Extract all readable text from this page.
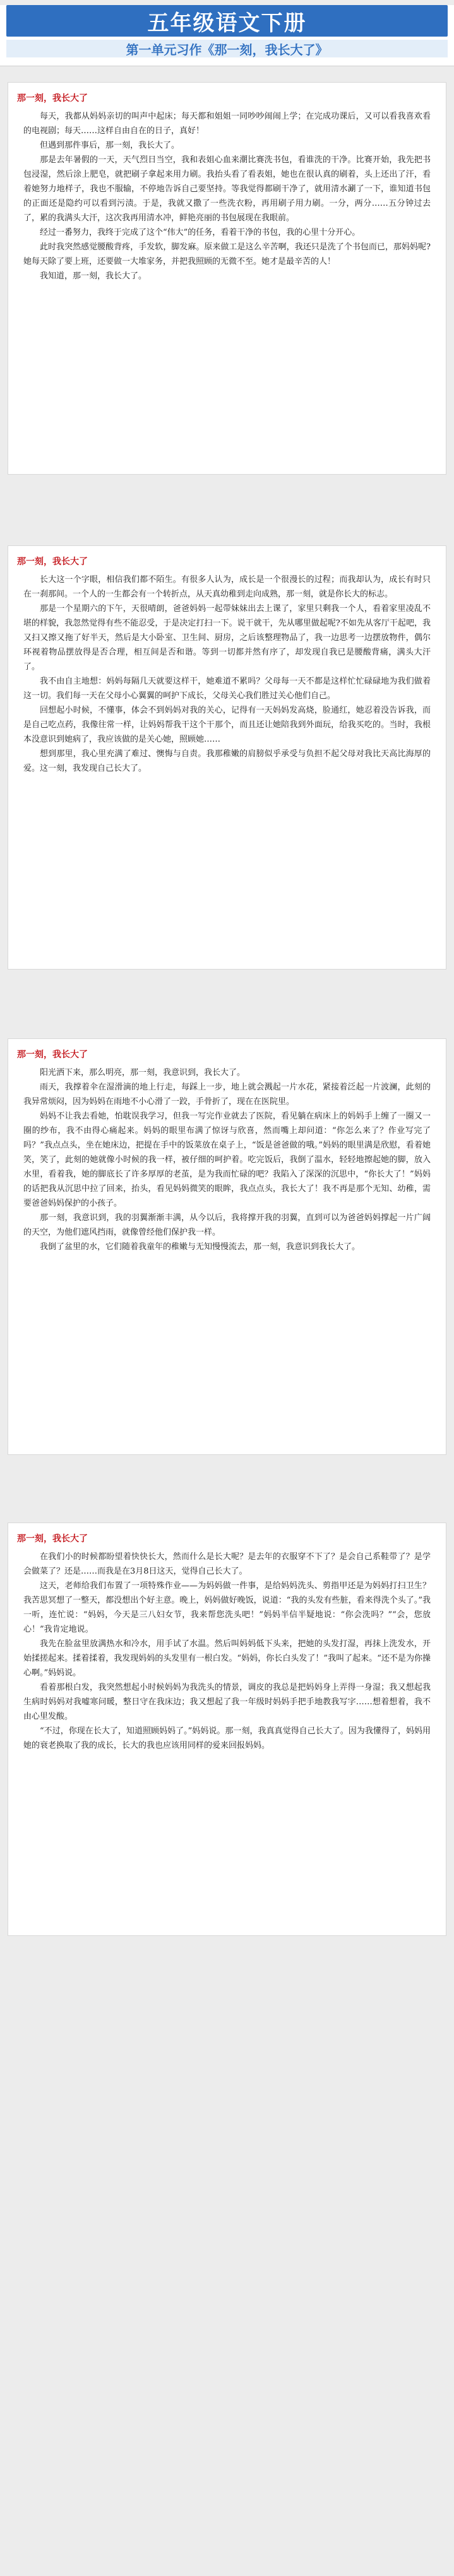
五年级语文下册
第一单元习作《那一刻，我长大了》
那一刻，我长大了

每天，我都从妈妈亲切的叫声中起床；每天都和姐姐一同吵吵闹闹上学；在完成功课后，又可以看我喜欢看的电视剧；每天……这样自由自在的日子，真好！

但遇到那件事后，那一刻，我长大了。

那是去年暑假的一天，天气烈日当空，我和表姐心血来潮比赛洗书包，看谁洗的干净。比赛开始，我先把书包浸湿，然后涂上肥皂，就把刷子拿起来用力刷。我抬头看了看表姐，她也在很认真的刷着，头上还出了汗，看着她努力地样子，我也不服输，不停地告诉自己要坚持。等我觉得都刷干净了，就用清水涮了一下，谁知道书包的正面还是隐约可以看到污渍。于是，我就又撒了一些洗衣粉，再用刷子用力刷。一分，两分……五分钟过去了，累的我满头大汗，这次我再用清水冲，鲜艳亮丽的书包展现在我眼前。

经过一番努力，我终于完成了这个“伟大”的任务，看着干净的书包，我的心里十分开心。

此时我突然感觉腰酸背疼，手发软，脚发麻。原来做工是这么辛苦啊，我还只是洗了个书包而已，那妈妈呢?她每天除了要上班，还要做一大堆家务，并把我照顾的无微不至。她才是最辛苦的人！

我知道，那一刻，我长大了。

那一刻，我长大了

长大这一个字眼，相信我们都不陌生。有很多人认为，成长是一个很漫长的过程；而我却认为，成长有时只在一刹那间。一个人的一生都会有一个转折点，从天真幼稚到走向成熟，那一刻，就是你长大的标志。

那是一个星期六的下午，天很晴朗，爸爸妈妈一起带妹妹出去上课了，家里只剩我一个人，看着家里凌乱不堪的样貌，我忽然觉得有些不能忍受，于是决定打扫一下。说干就干，先从哪里做起呢?不如先从客厅干起吧，我又扫又擦又拖了好半天，然后是大小卧室、卫生间、厨房，之后该整理物品了，我一边思考一边摆放物件，偶尔环视着物品摆放得是否合理，相互间是否和谐。等到一切都并然有序了，却发现自我已是腰酸背痛，满头大汗了。

我不由自主地想：妈妈每隔几天就要这样干，她难道不累吗？父母每一天不都是这样忙忙碌碌地为我们做着这一切。我们每一天在父母小心翼翼的呵护下成长，父母关心我们胜过关心他们自己。

回想起小时候，不懂事，体会不到妈妈对我的关心，记得有一天妈妈发高烧，脸通红，她忍着没告诉我，而是自己吃点药，我像往常一样，让妈妈帮我干这个干那个，而且还让她陪我到外面玩，给我买吃的。当时，我根本没意识到她病了，我应该做的是关心她，照顾她……

想到那里，我心里充满了难过、懊悔与自责。我那稚嫩的肩膀似乎承受与负担不起父母对我比天高比海厚的爱。这一刻，我发现自己长大了。

那一刻，我长大了

阳光洒下来，那么明亮，那一刻，我意识到，我长大了。

雨天，我撑着伞在湿滑滴的地上行走，每踩上一步，地上就会溅起一片水花，紧接着泛起一片波澜，此刻的我异常烦闷，因为妈妈在雨地不小心滑了一跤，手骨折了，现在在医院里。

妈妈不让我去看她，怕耽误我学习，但我一写完作业就去了医院，看见躺在病床上的妈妈手上缠了一圈又一圈的纱布，我不由得心痛起来。妈妈的眼里布满了惊讶与欣喜，然而嘴上却问道：“你怎么来了？作业写完了吗？”我点点头，坐在她床边，把提在手中的饭菜放在桌子上，“饭是爸爸做的哦。”妈妈的眼里满是欣慰，看着她笑，笑了，此刻的她就像小时候的我一样，被仔细的呵护着。吃完饭后，我倒了温水，轻轻地擦起她的脚，放入水里，看着我，她的脚底长了许多厚厚的老茧，是为我而忙碌的吧？我陷入了深深的沉思中，“你长大了！”妈妈的话把我从沉思中拉了回来，抬头，看见妈妈微笑的眼眸，我点点头，我长大了！我不再是那个无知、幼稚，需要爸爸妈妈保护的小孩子。

那一刻，我意识到，我的羽翼渐渐丰满，从今以后，我将撑开我的羽翼，直到可以为爸爸妈妈撑起一片广阔的天空，为他们遮风挡雨，就像曾经他们保护我一样。

我倒了盆里的水，它们随着我童年的稚嫩与无知慢慢流去，那一刻，我意识到我长大了。

那一刻，我长大了

在我们小的时候都盼望着快快长大，然而什么是长大呢？是去年的衣服穿不下了？是会自己系鞋带了？是学会做菜了？还是……而我是在3月8日这天，觉得自己长大了。

这天，老师给我们布置了一项特殊作业——为妈妈做一件事，是给妈妈洗头、剪指甲还是为妈妈打扫卫生？我苦思冥想了一整天，都没想出个好主意。晚上，妈妈做好晚饭，说道：“我的头发有些脏，看来得洗个头了。”我一听，连忙说：“妈妈，今天是三八妇女节，我来帮您洗头吧！”妈妈半信半疑地说：“你会洗吗？”“会，您放心！”我肯定地说。

我先在脸盆里放满热水和冷水，用手试了水温。然后叫妈妈低下头来，把她的头发打湿，再抹上洗发水，开始揉搓起来。揉着揉着，我发现妈妈的头发里有一根白发。“妈妈，你长白头发了！”我叫了起来。“还不是为你操心啊。”妈妈说。

看着那根白发，我突然想起小时候妈妈为我洗头的情景，调皮的我总是把妈妈身上弄得一身湿；我又想起我生病时妈妈对我嘘寒问暖，整日守在我床边；我又想起了我一年级时妈妈手把手地教我写字……想着想着，我不由心里发酸。

“不过，你现在长大了，知道照顾妈妈了。”妈妈说。那一刻，我真真觉得自己长大了。因为我懂得了，妈妈用她的衰老换取了我的成长，长大的我也应该用同样的爱来回报妈妈。
